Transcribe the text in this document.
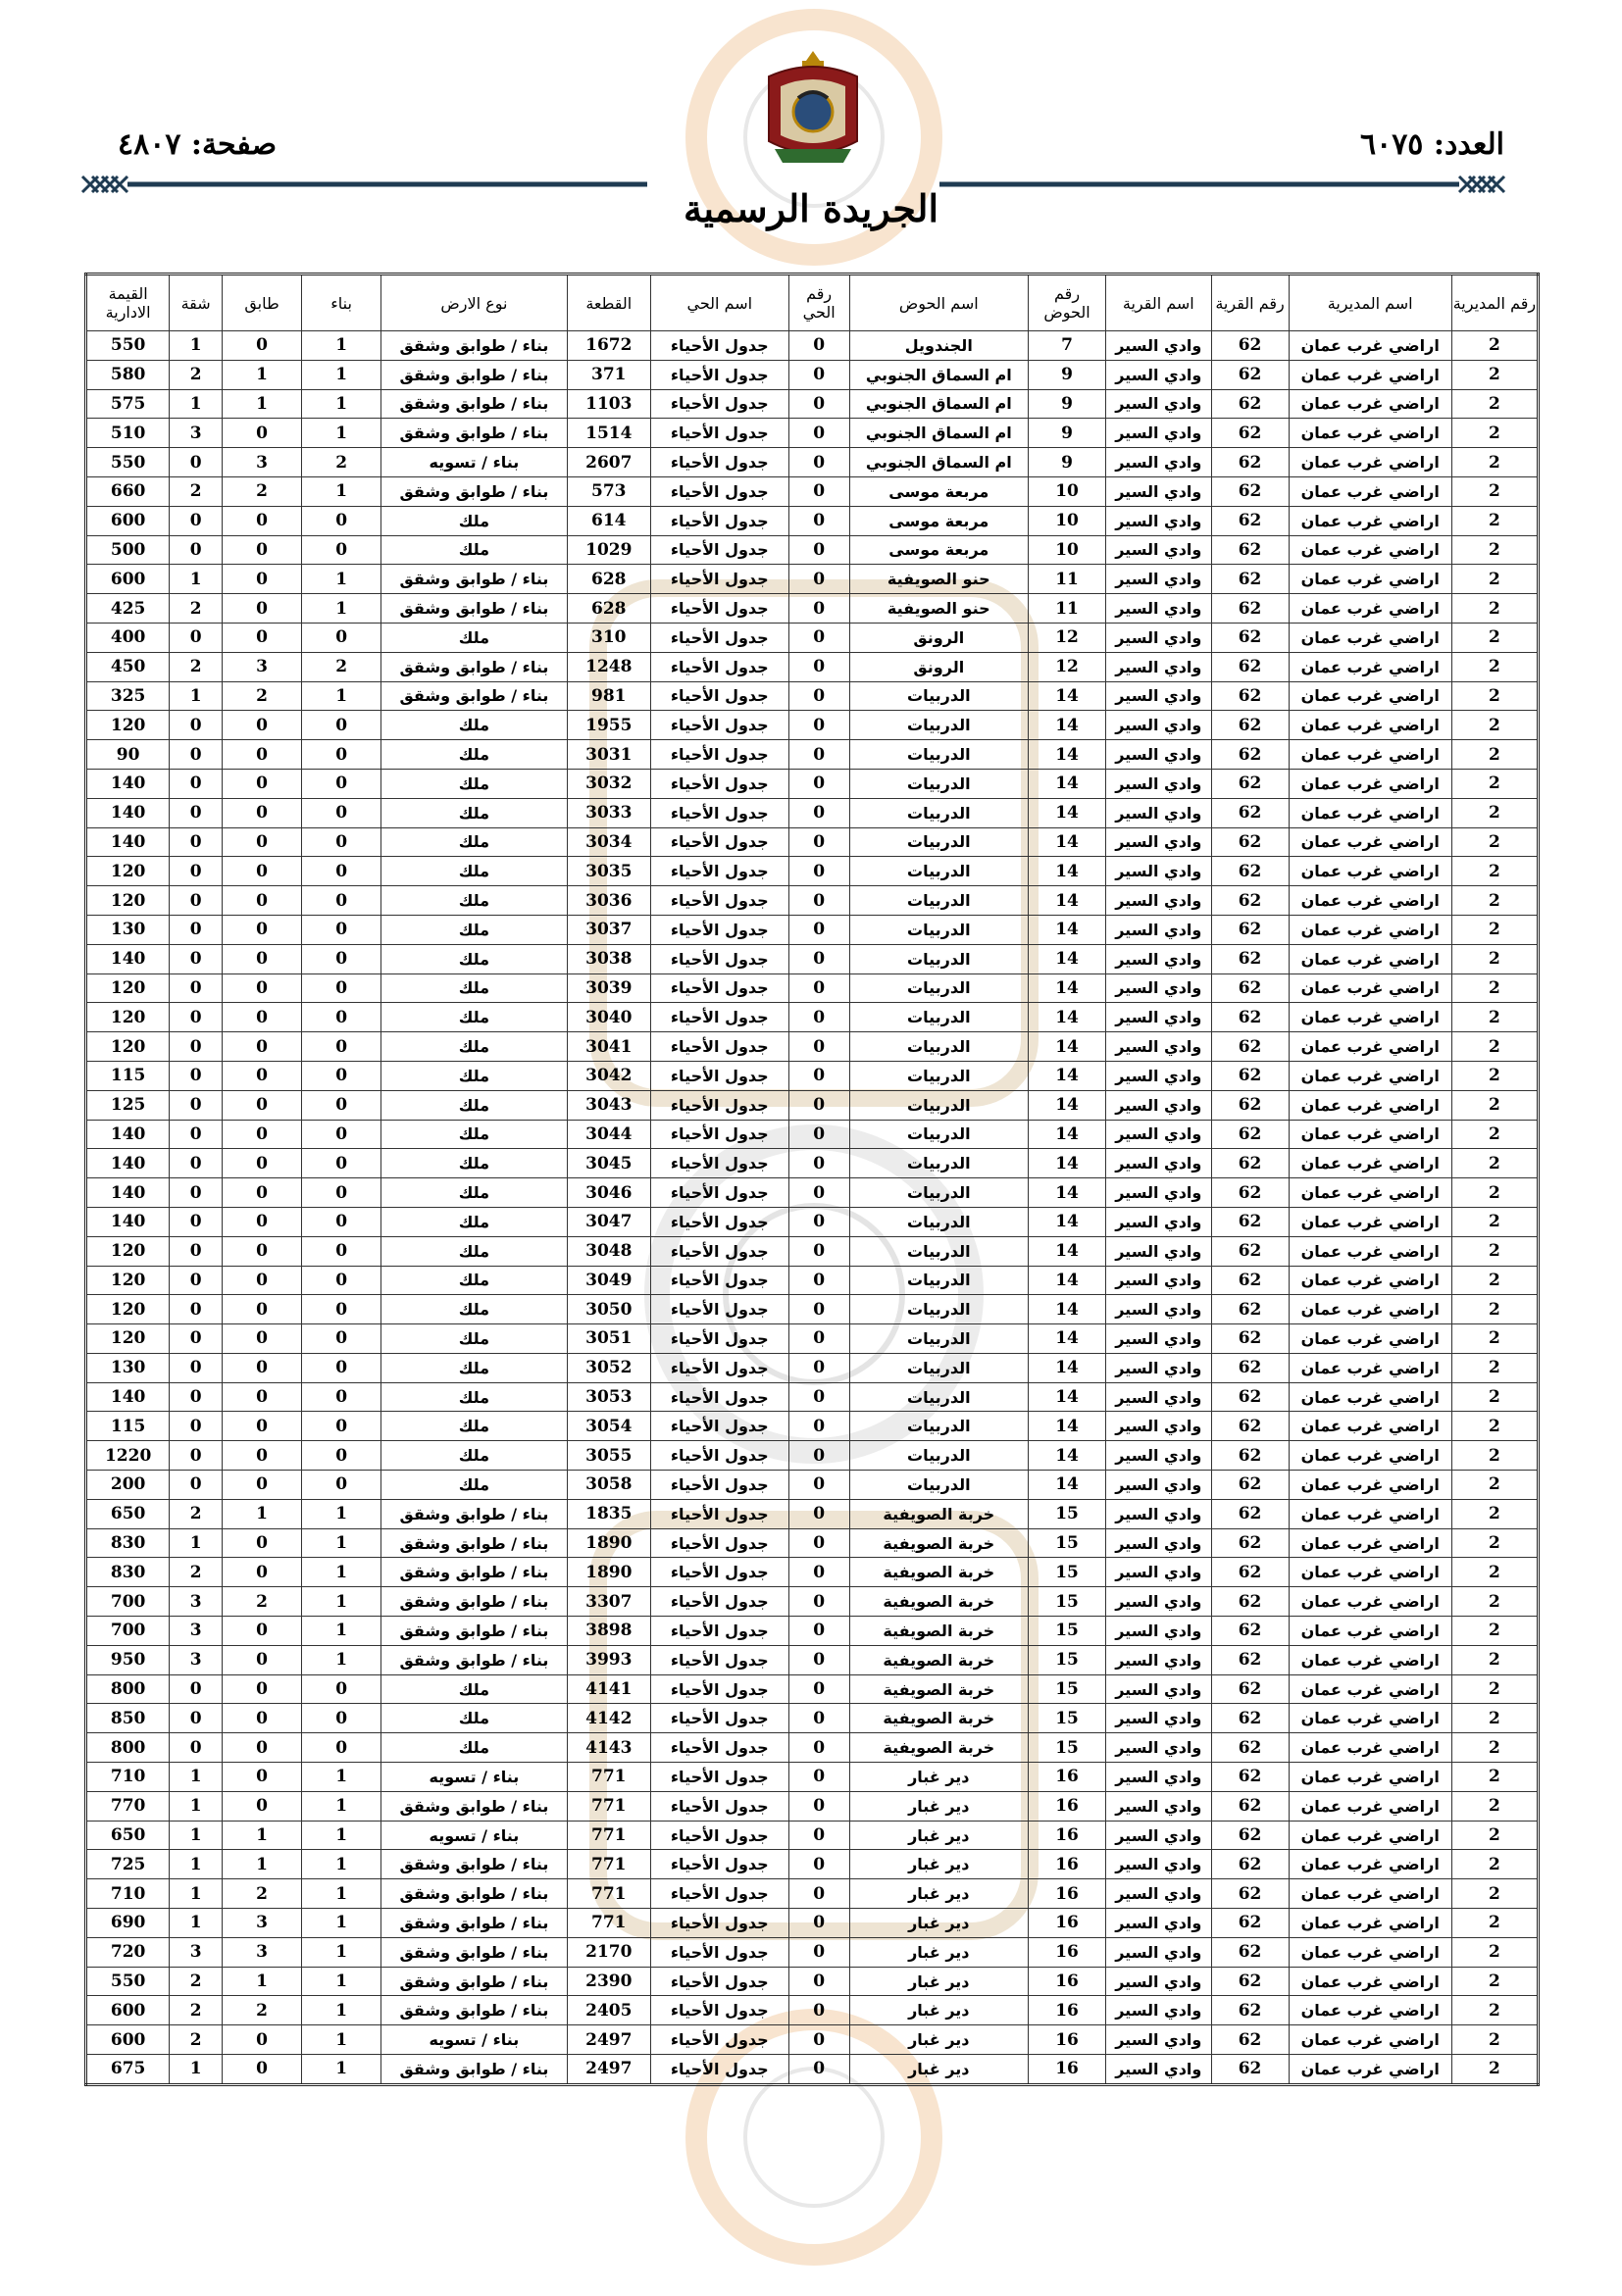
العدد: ٦٠٧٥
صفحة: ٤٨٠٧
الجريدة الرسمية
رقم المديرية	اسم المديرية	رقم القرية	اسم القرية	رقم الحوض	اسم الحوض	رقم الحي	اسم الحي	القطعة	نوع الارض	بناء	طابق	شقة	القيمة الادارية
2	اراضي غرب عمان	62	وادي السير	7	الجندويل	0	جدول الأحياء	1672	بناء / طوابق وشقق	1	0	1	550
2	اراضي غرب عمان	62	وادي السير	9	ام السماق الجنوبي	0	جدول الأحياء	371	بناء / طوابق وشقق	1	1	2	580
2	اراضي غرب عمان	62	وادي السير	9	ام السماق الجنوبي	0	جدول الأحياء	1103	بناء / طوابق وشقق	1	1	1	575
2	اراضي غرب عمان	62	وادي السير	9	ام السماق الجنوبي	0	جدول الأحياء	1514	بناء / طوابق وشقق	1	0	3	510
2	اراضي غرب عمان	62	وادي السير	9	ام السماق الجنوبي	0	جدول الأحياء	2607	بناء / تسويه	2	3	0	550
2	اراضي غرب عمان	62	وادي السير	10	مربعة موسى	0	جدول الأحياء	573	بناء / طوابق وشقق	1	2	2	660
2	اراضي غرب عمان	62	وادي السير	10	مربعة موسى	0	جدول الأحياء	614	ملك	0	0	0	600
2	اراضي غرب عمان	62	وادي السير	10	مربعة موسى	0	جدول الأحياء	1029	ملك	0	0	0	500
2	اراضي غرب عمان	62	وادي السير	11	حنو الصويفية	0	جدول الأحياء	628	بناء / طوابق وشقق	1	0	1	600
2	اراضي غرب عمان	62	وادي السير	11	حنو الصويفية	0	جدول الأحياء	628	بناء / طوابق وشقق	1	0	2	425
2	اراضي غرب عمان	62	وادي السير	12	الرونق	0	جدول الأحياء	310	ملك	0	0	0	400
2	اراضي غرب عمان	62	وادي السير	12	الرونق	0	جدول الأحياء	1248	بناء / طوابق وشقق	2	3	2	450
2	اراضي غرب عمان	62	وادي السير	14	الدربيات	0	جدول الأحياء	981	بناء / طوابق وشقق	1	2	1	325
2	اراضي غرب عمان	62	وادي السير	14	الدربيات	0	جدول الأحياء	1955	ملك	0	0	0	120
2	اراضي غرب عمان	62	وادي السير	14	الدربيات	0	جدول الأحياء	3031	ملك	0	0	0	90
2	اراضي غرب عمان	62	وادي السير	14	الدربيات	0	جدول الأحياء	3032	ملك	0	0	0	140
2	اراضي غرب عمان	62	وادي السير	14	الدربيات	0	جدول الأحياء	3033	ملك	0	0	0	140
2	اراضي غرب عمان	62	وادي السير	14	الدربيات	0	جدول الأحياء	3034	ملك	0	0	0	140
2	اراضي غرب عمان	62	وادي السير	14	الدربيات	0	جدول الأحياء	3035	ملك	0	0	0	120
2	اراضي غرب عمان	62	وادي السير	14	الدربيات	0	جدول الأحياء	3036	ملك	0	0	0	120
2	اراضي غرب عمان	62	وادي السير	14	الدربيات	0	جدول الأحياء	3037	ملك	0	0	0	130
2	اراضي غرب عمان	62	وادي السير	14	الدربيات	0	جدول الأحياء	3038	ملك	0	0	0	140
2	اراضي غرب عمان	62	وادي السير	14	الدربيات	0	جدول الأحياء	3039	ملك	0	0	0	120
2	اراضي غرب عمان	62	وادي السير	14	الدربيات	0	جدول الأحياء	3040	ملك	0	0	0	120
2	اراضي غرب عمان	62	وادي السير	14	الدربيات	0	جدول الأحياء	3041	ملك	0	0	0	120
2	اراضي غرب عمان	62	وادي السير	14	الدربيات	0	جدول الأحياء	3042	ملك	0	0	0	115
2	اراضي غرب عمان	62	وادي السير	14	الدربيات	0	جدول الأحياء	3043	ملك	0	0	0	125
2	اراضي غرب عمان	62	وادي السير	14	الدربيات	0	جدول الأحياء	3044	ملك	0	0	0	140
2	اراضي غرب عمان	62	وادي السير	14	الدربيات	0	جدول الأحياء	3045	ملك	0	0	0	140
2	اراضي غرب عمان	62	وادي السير	14	الدربيات	0	جدول الأحياء	3046	ملك	0	0	0	140
2	اراضي غرب عمان	62	وادي السير	14	الدربيات	0	جدول الأحياء	3047	ملك	0	0	0	140
2	اراضي غرب عمان	62	وادي السير	14	الدربيات	0	جدول الأحياء	3048	ملك	0	0	0	120
2	اراضي غرب عمان	62	وادي السير	14	الدربيات	0	جدول الأحياء	3049	ملك	0	0	0	120
2	اراضي غرب عمان	62	وادي السير	14	الدربيات	0	جدول الأحياء	3050	ملك	0	0	0	120
2	اراضي غرب عمان	62	وادي السير	14	الدربيات	0	جدول الأحياء	3051	ملك	0	0	0	120
2	اراضي غرب عمان	62	وادي السير	14	الدربيات	0	جدول الأحياء	3052	ملك	0	0	0	130
2	اراضي غرب عمان	62	وادي السير	14	الدربيات	0	جدول الأحياء	3053	ملك	0	0	0	140
2	اراضي غرب عمان	62	وادي السير	14	الدربيات	0	جدول الأحياء	3054	ملك	0	0	0	115
2	اراضي غرب عمان	62	وادي السير	14	الدربيات	0	جدول الأحياء	3055	ملك	0	0	0	1220
2	اراضي غرب عمان	62	وادي السير	14	الدربيات	0	جدول الأحياء	3058	ملك	0	0	0	200
2	اراضي غرب عمان	62	وادي السير	15	خربة الصويفية	0	جدول الأحياء	1835	بناء / طوابق وشقق	1	1	2	650
2	اراضي غرب عمان	62	وادي السير	15	خربة الصويفية	0	جدول الأحياء	1890	بناء / طوابق وشقق	1	0	1	830
2	اراضي غرب عمان	62	وادي السير	15	خربة الصويفية	0	جدول الأحياء	1890	بناء / طوابق وشقق	1	0	2	830
2	اراضي غرب عمان	62	وادي السير	15	خربة الصويفية	0	جدول الأحياء	3307	بناء / طوابق وشقق	1	2	3	700
2	اراضي غرب عمان	62	وادي السير	15	خربة الصويفية	0	جدول الأحياء	3898	بناء / طوابق وشقق	1	0	3	700
2	اراضي غرب عمان	62	وادي السير	15	خربة الصويفية	0	جدول الأحياء	3993	بناء / طوابق وشقق	1	0	3	950
2	اراضي غرب عمان	62	وادي السير	15	خربة الصويفية	0	جدول الأحياء	4141	ملك	0	0	0	800
2	اراضي غرب عمان	62	وادي السير	15	خربة الصويفية	0	جدول الأحياء	4142	ملك	0	0	0	850
2	اراضي غرب عمان	62	وادي السير	15	خربة الصويفية	0	جدول الأحياء	4143	ملك	0	0	0	800
2	اراضي غرب عمان	62	وادي السير	16	دير غبار	0	جدول الأحياء	771	بناء / تسويه	1	0	1	710
2	اراضي غرب عمان	62	وادي السير	16	دير غبار	0	جدول الأحياء	771	بناء / طوابق وشقق	1	0	1	770
2	اراضي غرب عمان	62	وادي السير	16	دير غبار	0	جدول الأحياء	771	بناء / تسويه	1	1	1	650
2	اراضي غرب عمان	62	وادي السير	16	دير غبار	0	جدول الأحياء	771	بناء / طوابق وشقق	1	1	1	725
2	اراضي غرب عمان	62	وادي السير	16	دير غبار	0	جدول الأحياء	771	بناء / طوابق وشقق	1	2	1	710
2	اراضي غرب عمان	62	وادي السير	16	دير غبار	0	جدول الأحياء	771	بناء / طوابق وشقق	1	3	1	690
2	اراضي غرب عمان	62	وادي السير	16	دير غبار	0	جدول الأحياء	2170	بناء / طوابق وشقق	1	3	3	720
2	اراضي غرب عمان	62	وادي السير	16	دير غبار	0	جدول الأحياء	2390	بناء / طوابق وشقق	1	1	2	550
2	اراضي غرب عمان	62	وادي السير	16	دير غبار	0	جدول الأحياء	2405	بناء / طوابق وشقق	1	2	2	600
2	اراضي غرب عمان	62	وادي السير	16	دير غبار	0	جدول الأحياء	2497	بناء / تسويه	1	0	2	600
2	اراضي غرب عمان	62	وادي السير	16	دير غبار	0	جدول الأحياء	2497	بناء / طوابق وشقق	1	0	1	675
